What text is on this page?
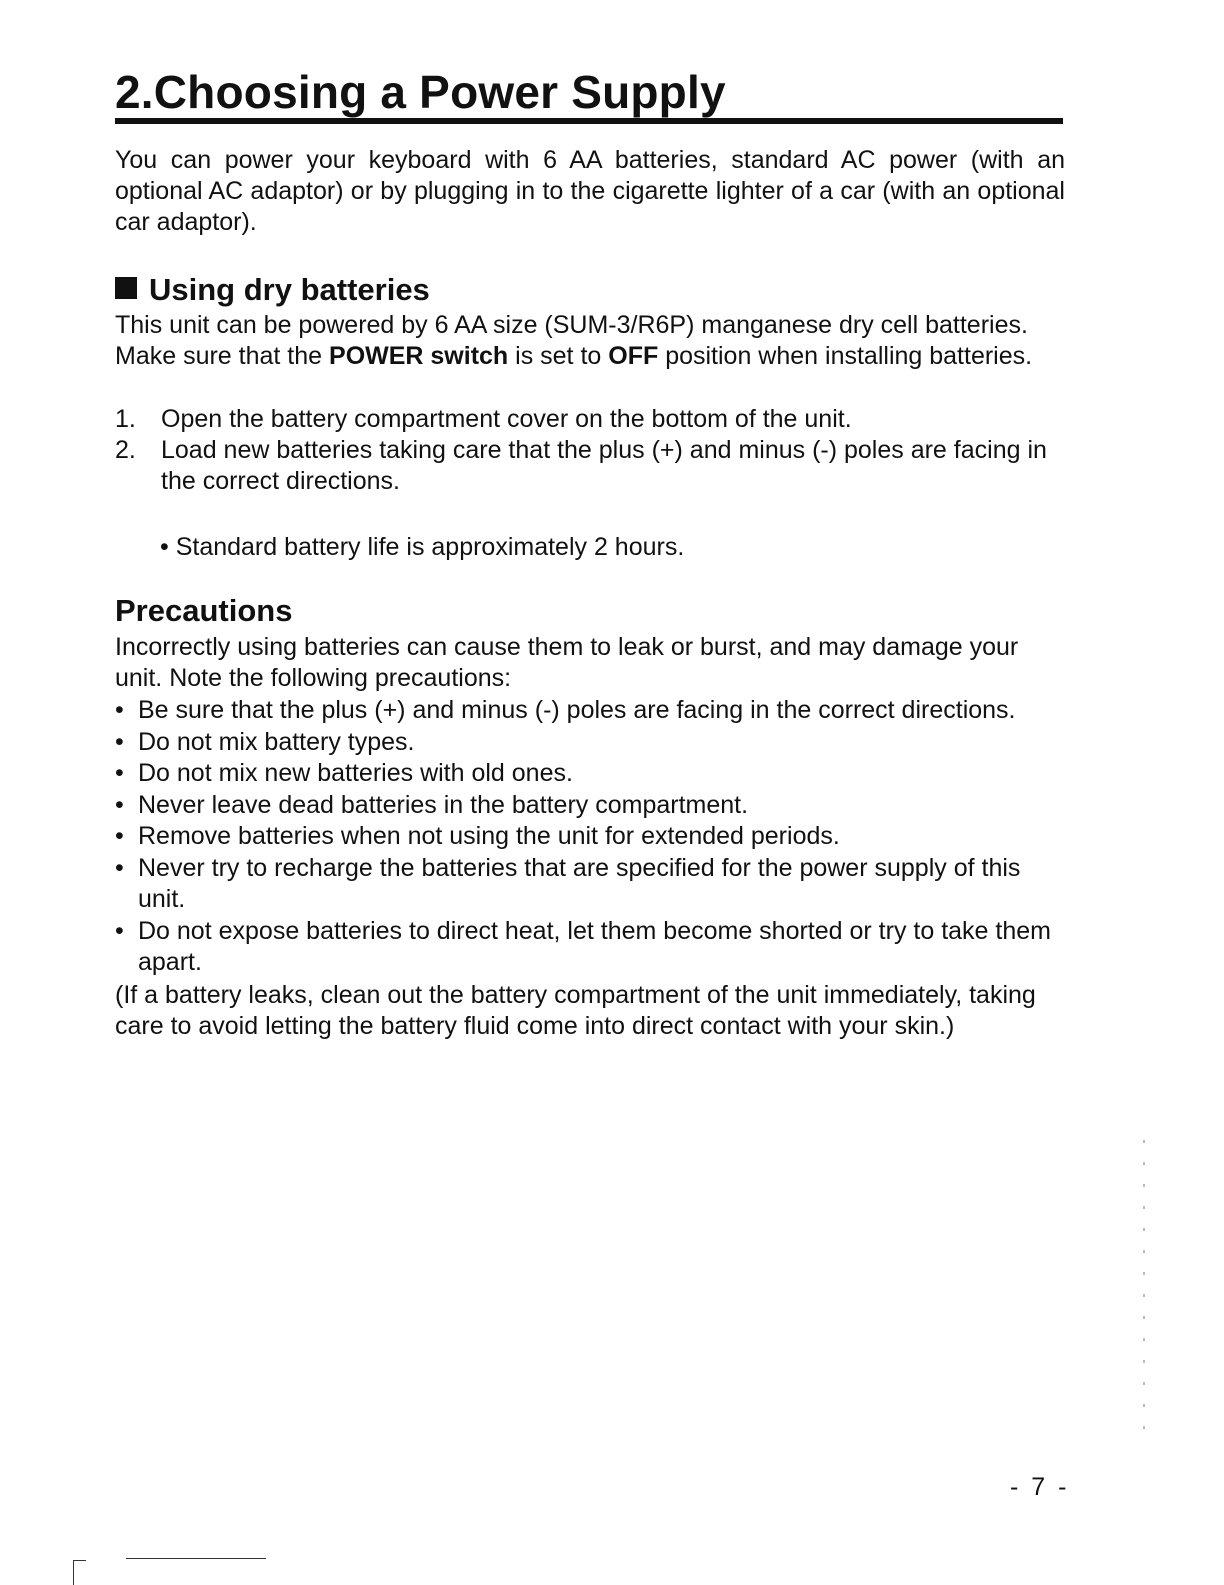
2.Choosing a Power Supply

You can power your keyboard with 6 AA batteries, standard AC power (with an optional AC adaptor) or by plugging in to the cigarette lighter of a car (with an optional car adaptor).

Using dry batteries

This unit can be powered by 6 AA size (SUM-3/R6P) manganese dry cell batteries.

Make sure that the POWER switch is set to OFF position when installing batteries.

1. Open the battery compartment cover on the bottom of the unit.
2. Load new batteries taking care that the plus (+) and minus (-) poles are facing in the correct directions.

• Standard battery life is approximately 2 hours.

Precautions

Incorrectly using batteries can cause them to leak or burst, and may damage your unit. Note the following precautions:

• Be sure that the plus (+) and minus (-) poles are facing in the correct directions.
• Do not mix battery types.
• Do not mix new batteries with old ones.
• Never leave dead batteries in the battery compartment.
• Remove batteries when not using the unit for extended periods.
• Never try to recharge the batteries that are specified for the power supply of this unit.
• Do not expose batteries to direct heat, let them become shorted or try to take them apart.

(If a battery leaks, clean out the battery compartment of the unit immediately, taking care to avoid letting the battery fluid come into direct contact with your skin.)

- 7 -
